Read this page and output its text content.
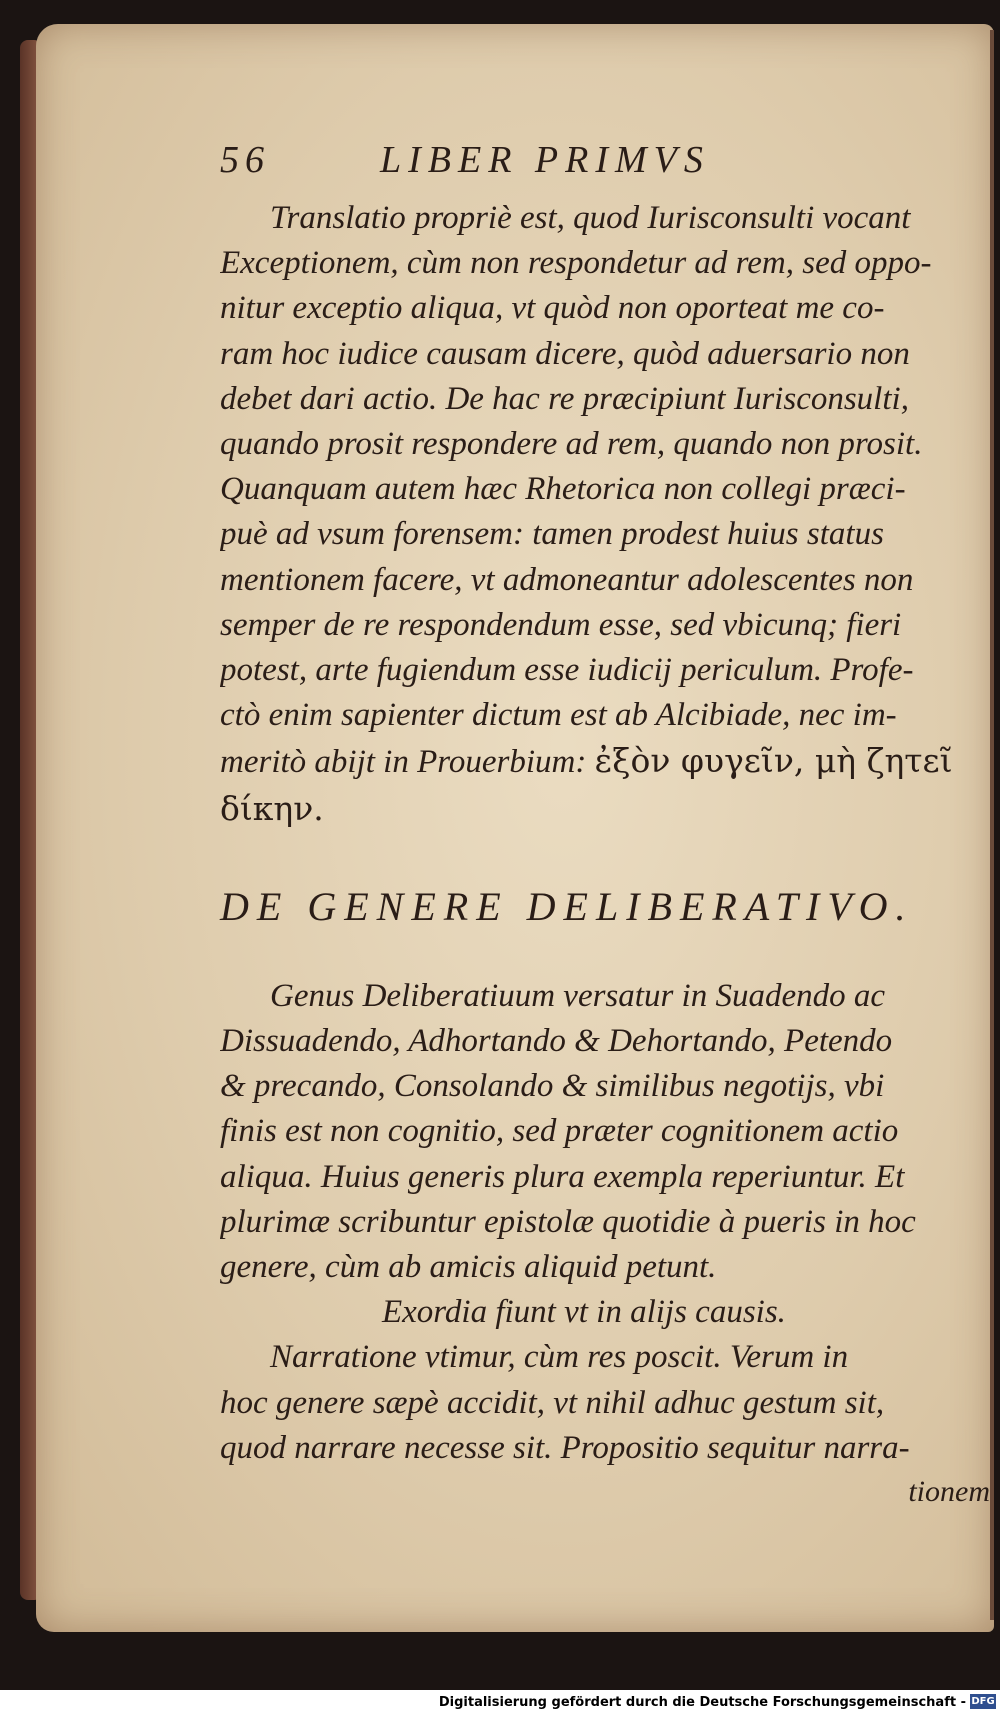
56	LIBER PRIMVS
Translatio propriè est, quod Iurisconsulti vocant
Exceptionem, cùm non respondetur ad rem, sed oppo-
nitur exceptio aliqua, vt quòd non oporteat me co-
ram hoc iudice causam dicere, quòd aduersario non
debet dari actio. De hac re præcipiunt Iurisconsulti,
quando prosit respondere ad rem, quando non prosit.
Quanquam autem hæc Rhetorica non collegi præci-
puè ad vsum forensem: tamen prodest huius status
mentionem facere, vt admoneantur adolescentes non
semper de re respondendum esse, sed vbicunq; fieri
potest, arte fugiendum esse iudicij periculum. Profe-
ctò enim sapienter dictum est ab Alcibiade, nec im-
meritò abijt in Prouerbium: ἐξὸν φυγεῖν, μὴ ζητεῖ
δίκην.
DE GENERE DELIBERATIVO.
Genus Deliberatiuum versatur in Suadendo ac
Dissuadendo, Adhortando & Dehortando, Petendo
& precando, Consolando & similibus negotijs, vbi
finis est non cognitio, sed præter cognitionem actio
aliqua. Huius generis plura exempla reperiuntur. Et
plurimæ scribuntur epistolæ quotidie à pueris in hoc
genere, cùm ab amicis aliquid petunt.
Exordia fiunt vt in alijs causis.
Narratione vtimur, cùm res poscit. Verum in
hoc genere sæpè accidit, vt nihil adhuc gestum sit,
quod narrare necesse sit. Propositio sequitur narra-
tionem
Digitalisierung gefördert durch die Deutsche Forschungsgemeinschaft - DFG
